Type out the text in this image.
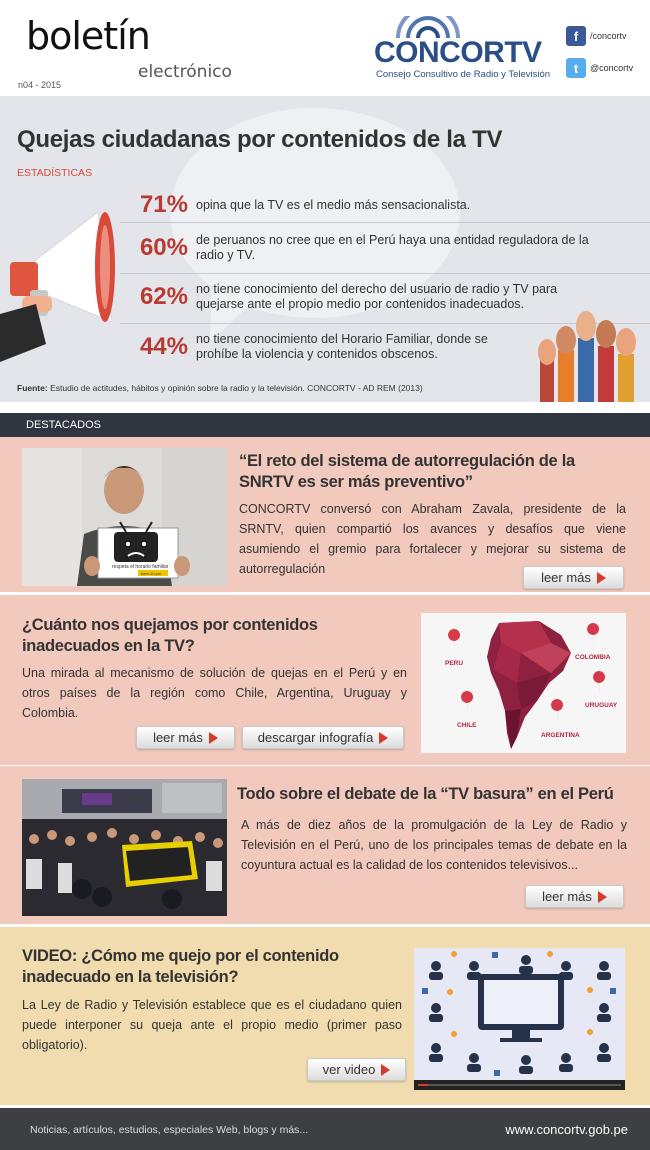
boletín
electrónico
n04 - 2015
CONCORTV
Consejo Consultivo de Radio y Televisión
f	/concortv
t	@concortv
Quejas ciudadanas por contenidos de la TV
ESTADÍSTICAS
71% opina que la TV es el medio más sensacionalista.
60% de peruanos no cree que en el Perú haya una entidad reguladora de la radio y TV.
62% no tiene conocimiento del derecho del usuario de radio y TV para quejarse ante el propio medio por contenidos inadecuados.
44% no tiene conocimiento del Horario Familiar, donde se prohíbe la violencia y contenidos obscenos.
Fuente: Estudio de actitudes, hábitos y opinión sobre la radio y la televisión. CONCORTV - AD REM (2013)
DESTACADOS
respeta el horario familiar
6am-10 pm
“El reto del sistema de autorregulación de la SNRTV es ser más preventivo”
CONCORTV conversó con Abraham Zavala, presidente de la SRNTV, quien compartió los avances y desafíos que viene asumiendo el gremio para fortalecer y mejorar su sistema de autorregulación
leer más
¿Cuánto nos quejamos por contenidos inadecuados en la TV?
Una mirada al mecanismo de solución de quejas en el Perú y en otros países de la región como Chile, Argentina, Uruguay y Colombia.
leer más	descargar infografía
PERU
COLOMBIA
URUGUAY
CHILE
ARGENTINA
Todo sobre el debate de la “TV basura” en el Perú
A más de diez años de la promulgación de la Ley de Radio y Televisión en el Perú, uno de los principales temas de debate en la coyuntura actual es la calidad de los contenidos televisivos...
leer más
VIDEO: ¿Cómo me quejo por el contenido inadecuado en la televisión?
La Ley de Radio y Televisión establece que es el ciudadano quien puede interponer su queja ante el propio medio (primer paso obligatorio).
ver video
Noticias, artículos, estudios, especiales Web, blogs y más...	www.concortv.gob.pe
